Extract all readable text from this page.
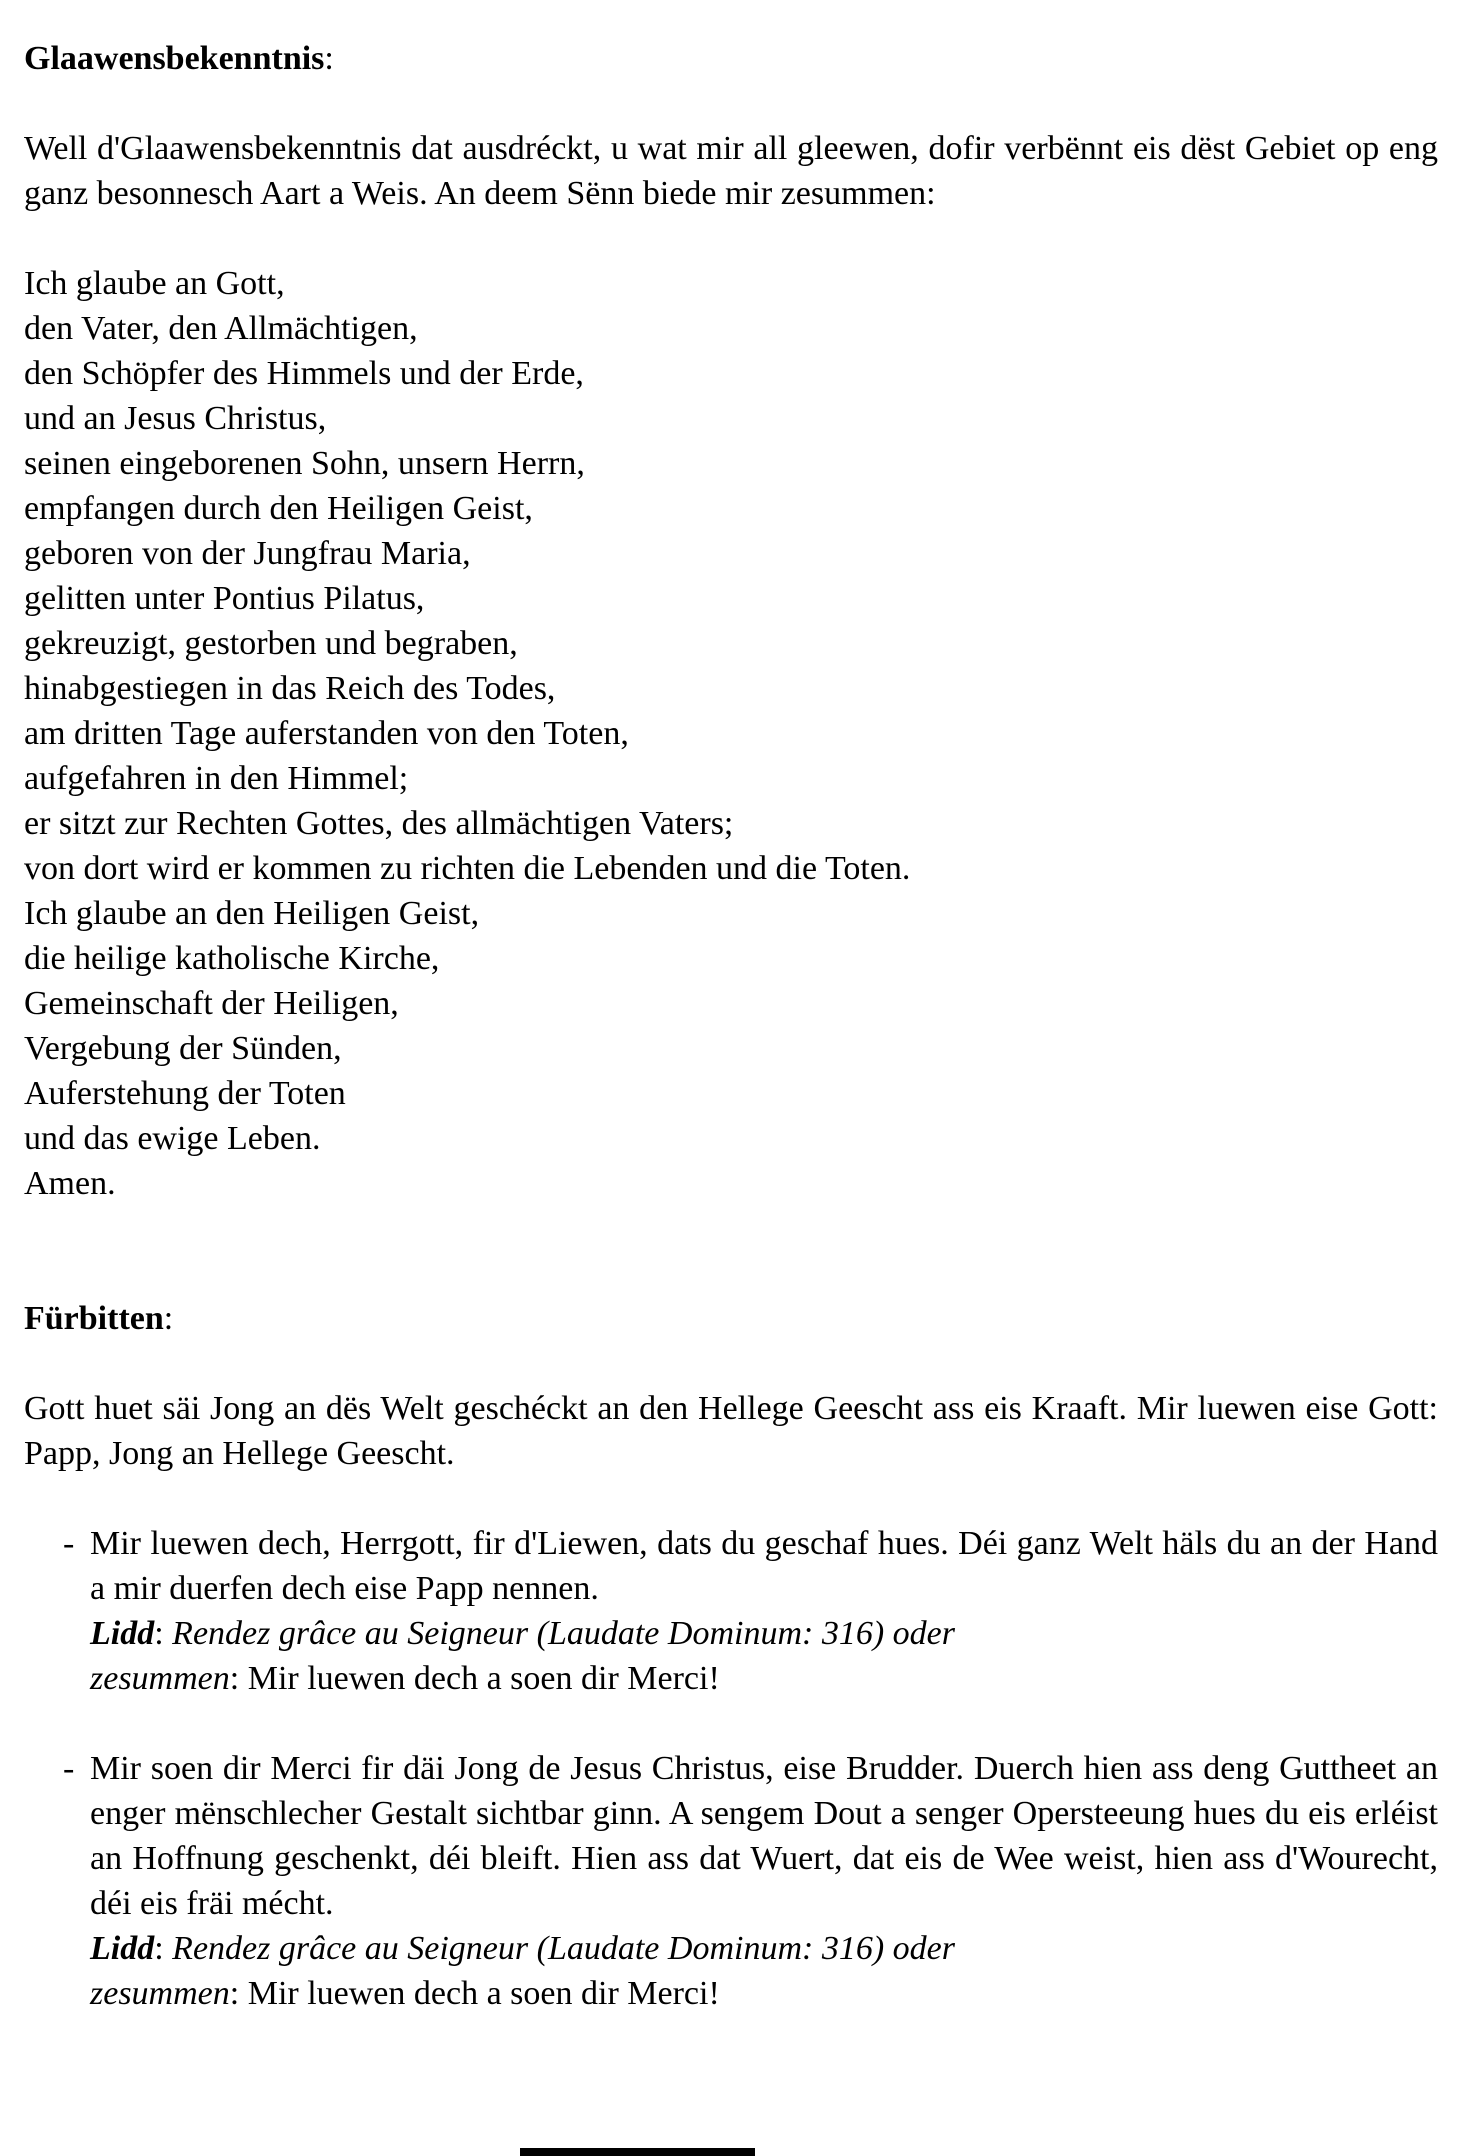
Glaawensbekenntnis:
Well d'Glaawensbekenntnis dat ausdréckt, u wat mir all gleewen, dofir verbënnt eis dëst Gebiet op eng ganz besonnesch Aart a Weis. An deem Sënn biede mir zesummen:
Ich glaube an Gott,
den Vater, den Allmächtigen,
den Schöpfer des Himmels und der Erde,
und an Jesus Christus,
seinen eingeborenen Sohn, unsern Herrn,
empfangen durch den Heiligen Geist,
geboren von der Jungfrau Maria,
gelitten unter Pontius Pilatus,
gekreuzigt, gestorben und begraben,
hinabgestiegen in das Reich des Todes,
am dritten Tage auferstanden von den Toten,
aufgefahren in den Himmel;
er sitzt zur Rechten Gottes, des allmächtigen Vaters;
von dort wird er kommen zu richten die Lebenden und die Toten.
Ich glaube an den Heiligen Geist,
die heilige katholische Kirche,
Gemeinschaft der Heiligen,
Vergebung der Sünden,
Auferstehung der Toten
und das ewige Leben.
Amen.
Fürbitten:
Gott huet säi Jong an dës Welt geschéckt an den Hellege Geescht ass eis Kraaft. Mir luewen eise Gott: Papp, Jong an Hellege Geescht.
- Mir luewen dech, Herrgott, fir d'Liewen, dats du geschaf hues. Déi ganz Welt häls du an der Hand a mir duerfen dech eise Papp nennen.
Lidd: Rendez grâce au Seigneur (Laudate Dominum: 316) oder
zesummen: Mir luewen dech a soen dir Merci!
- Mir soen dir Merci fir däi Jong de Jesus Christus, eise Brudder. Duerch hien ass deng Guttheet an enger mënschlecher Gestalt sichtbar ginn. A sengem Dout a senger Opersteeung hues du eis erléist an Hoffnung geschenkt, déi bleift. Hien ass dat Wuert, dat eis de Wee weist, hien ass d'Wourecht, déi eis fräi mécht.
Lidd: Rendez grâce au Seigneur (Laudate Dominum: 316) oder
zesummen: Mir luewen dech a soen dir Merci!
